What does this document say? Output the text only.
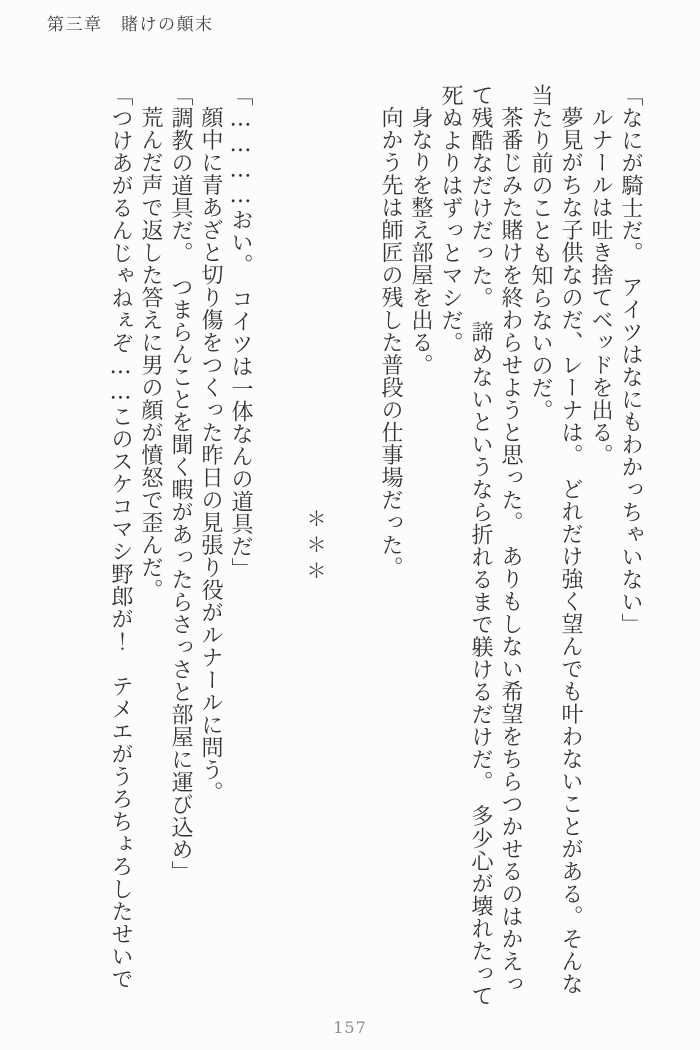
第三章　賭けの顛末

「なにが騎士だ。　アイツはなにもわかっちゃいない」

ルナールは吐き捨てベッドを出る。

夢見がちな子供なのだ、レーナは。　どれだけ強く望んでも叶わないことがある。そんな当たり前のことも知らないのだ。

茶番じみた賭けを終わらせようと思った。　ありもしない希望をちらつかせるのはかえって残酷なだけだった。　諦めないというなら折れるまで躾けるだけだ。　多少心が壊れたって死ぬよりはずっとマシだ。

身なりを整え部屋を出る。

向かう先は師匠の残した普段の仕事場だった。

＊＊＊

「…………おい。　コイツは一体なんの道具だ」

顔中に青あざと切り傷をつくった昨日の見張り役がルナールに問う。

「調教の道具だ。　つまらんことを聞く暇があったらさっさと部屋に運び込め」

荒んだ声で返した答えに男の顔が憤怒で歪んだ。

「つけあがるんじゃねぇぞ……このスケコマシ野郎が！　テメエがうろちょろしたせいで

157
